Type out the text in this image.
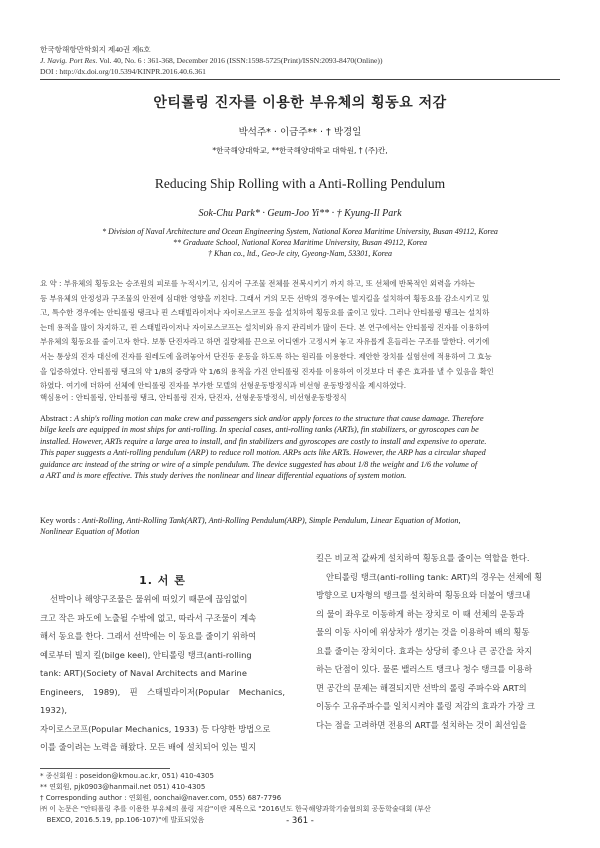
한국항해항만학회지 제40권 제6호
J. Navig. Port Res. Vol. 40, No. 6 : 361-368, December 2016 (ISSN:1598-5725(Print)/ISSN:2093-8470(Online))
DOI : http://dx.doi.org/10.5394/KINPR.2016.40.6.361
안티롤링 진자를 이용한 부유체의 횡동요 저감
박석주* · 이금주** · † 박경일
*한국해양대학교, **한국해양대학교 대학원, † (주)칸,
Reducing Ship Rolling with a Anti-Rolling Pendulum
Sok-Chu Park* · Geum-Joo Yi** · † Kyung-Il Park
* Division of Naval Architecture and Ocean Engineering System, National Korea Maritime University, Busan 49112, Korea
** Graduate School, National Korea Maritime University, Busan 49112, Korea
† Khan co., ltd., Geo-Je city, Gyeong-Nam, 53301, Korea

요 약 : 부유체의 횡동요는 승조원의 피로를 누적시키고, 심지어 구조물 전체를 전복시키기 까지 하고, 또 선체에 반복적인 외력을 가하는

등 부유체의 안정성과 구조물의 안전에 심대한 영향을 끼친다. 그래서 거의 모든 선박의 경우에는 빌지킬을 설치하여 횡동요를 감소시키고 있

고, 특수한 경우에는 안티롤링 탱크나 핀 스태빌라이저나 자이로스코프 등을 설치하여 횡동요를 줄이고 있다. 그러나 안티롤링 탱크는 설치하

는데 용적을 많이 차지하고, 핀 스태빌라이저나 자이로스코프는 설치비와 유지 관리비가 많이 든다. 본 연구에서는 안티롤링 진자를 이용하여

부유체의 횡동요를 줄이고자 한다. 보통 단진자라고 하면 질량체를 끈으로 어디엔가 고정시켜 놓고 자유롭게 흔들리는 구조를 말한다. 여기에

서는 통상의 진자 대신에 진자를 원레도에 올려놓아서 단진동 운동을 하도록 하는 원리를 이용한다. 제안한 장치를 실험선에 적용하여 그 효능

을 입증하였다. 안티롤링 탱크의 약 1/8의 중량과 약 1/6의 용적을 가진 안티롤링 진자를 이용하여 이것보다 더 좋은 효과를 낼 수 있음을 확인

하였다. 여기에 더하여 선체에 안티롤링 진자를 부가한 모델의 선형운동방정식과 비선형 운동방정식을 제시하였다.

핵심용어 : 안티롤링, 안티롤링 탱크, 안티롤링 진자, 단진자, 선형운동방정식, 비선형운동방정식

Abstract : A ship's rolling motion can make crew and passengers sick and/or apply forces to the structure that cause damage. Therefore

bilge keels are equipped in most ships for anti-rolling. In special cases, anti-rolling tanks (ARTs), fin stabilizers, or gyroscopes can be

installed. However, ARTs require a large area to install, and fin stabilizers and gyroscopes are costly to install and expensive to operate.

This paper suggests a Anti-rolling pendulum (ARP) to reduce roll motion. ARPs acts like ARTs. However, the ARP has a circular shaped

guidance arc instead of the string or wire of a simple pendulum. The device suggested has about 1/8 the weight and 1/6 the volume of

a ART and is more effective. This study derives the nonlinear and linear differential equations of system motion.

Key words : Anti-Rolling, Anti-Rolling Tank(ART), Anti-Rolling Pendulum(ARP), Simple Pendulum, Linear Equation of Motion,

Nonlinear Equation of Motion

1. 서 론

선박이나 해양구조물은 물위에 떠있기 때문에 끊임없이

크고 작은 파도에 노출될 수밖에 없고, 따라서 구조물이 계속

해서 동요를 한다. 그래서 선박에는 이 동요를 줄이기 위하여

예로부터 빌지 킬(bilge keel), 안티롤링 탱크(anti-rolling

tank: ART)(Society of Naval Architects and Marine

Engineers, 1989), 핀 스태빌라이저(Popular Mechanics, 1932),

자이로스코프(Popular Mechanics, 1933) 등 다양한 방법으로

이를 줄이려는 노력을 해왔다. 모든 배에 설치되어 있는 빌지

킬은 비교적 값싸게 설치하여 횡동요를 줄이는 역할을 한다.

안티롤링 탱크(anti-rolling tank: ART)의 경우는 선체에 횡

방향으로 U자형의 탱크를 설치하여 횡동요와 더불어 탱크내

의 물이 좌우로 이동하게 하는 장치로 이 때 선체의 운동과

물의 이동 사이에 위상차가 생기는 것을 이용하여 배의 횡동

요를 줄이는 장치이다. 효과는 상당히 좋으나 큰 공간을 차지

하는 단점이 있다. 물론 밸러스트 탱크나 청수 탱크를 이용하

면 공간의 문제는 해결되지만 선박의 롤링 주파수와 ART의

이동수 고유주파수를 일치시켜야 롤링 저감의 효과가 가장 크

다는 점을 고려하면 전용의 ART를 설치하는 것이 최선임을

* 종신회원 : poseidon@kmou.ac.kr, 051) 410-4305

** 연회원, pjk0903@hanmail.net 051) 410-4305

† Corresponding author : 연회원, oonchai@naver.com, 055) 687-7796

㈜ 이 논문은 "안티롤링 추를 이용한 부유체의 롤링 저감"이란 제목으로 "2016년도 한국해양과학기술협의회 공동학술대회 (부산

BEXCO, 2016.5.19, pp.106-107)"에 발표되었음	- 361 -
